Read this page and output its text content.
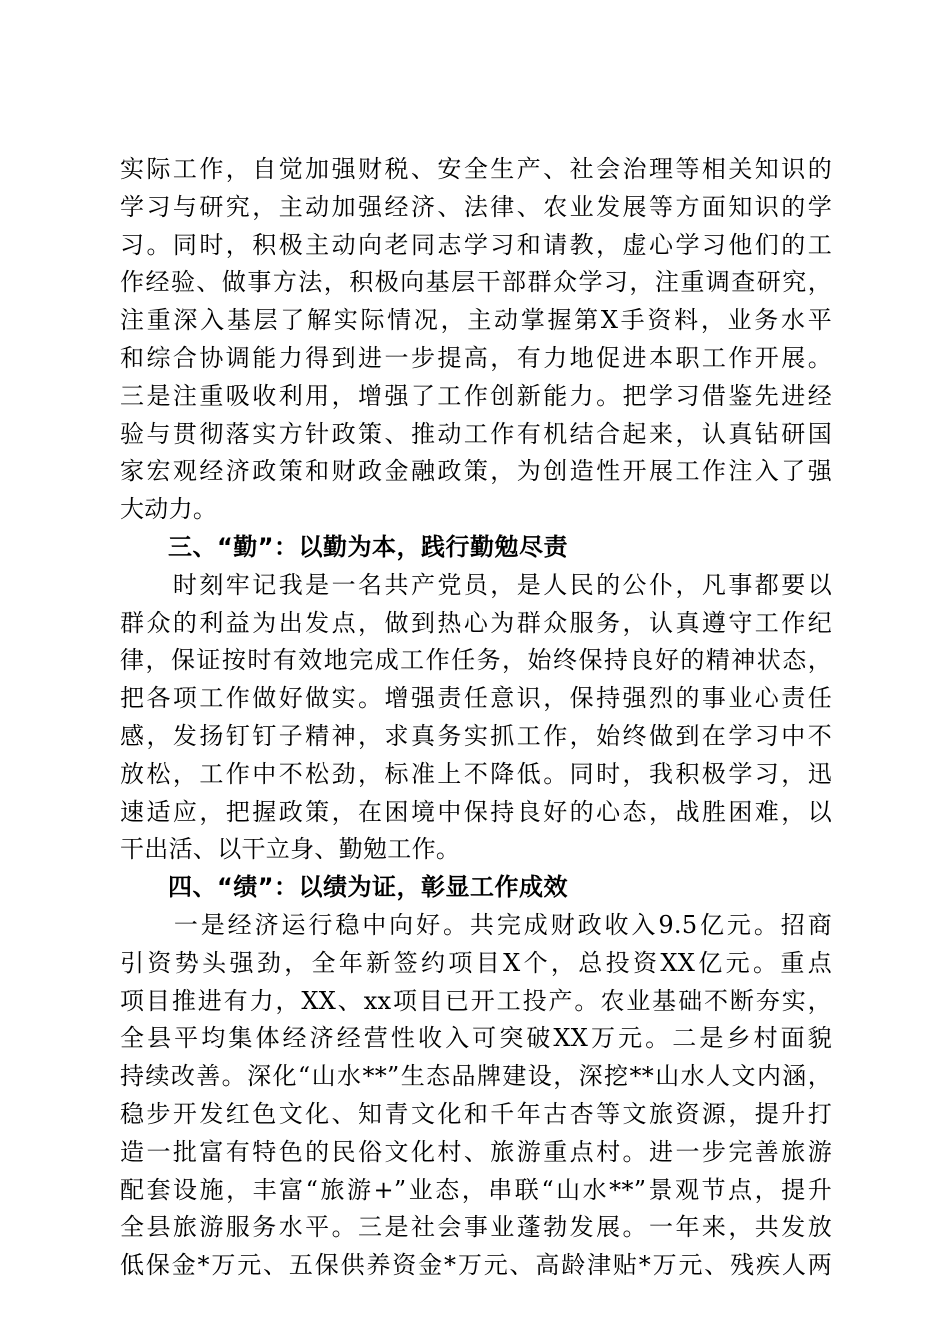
实际工作，自觉加强财税、安全生产、社会治理等相关知识的
学习与研究，主动加强经济、法律、农业发展等方面知识的学
习。同时，积极主动向老同志学习和请教，虚心学习他们的工
作经验、做事方法，积极向基层干部群众学习，注重调查研究，
注重深入基层了解实际情况，主动掌握第X手资料，业务水平
和综合协调能力得到进一步提高，有力地促进本职工作开展。
三是注重吸收利用，增强了工作创新能力。把学习借鉴先进经
验与贯彻落实方针政策、推动工作有机结合起来，认真钻研国
家宏观经济政策和财政金融政策，为创造性开展工作注入了强
大动力。
三、“勤”：以勤为本，践行勤勉尽责
　　时刻牢记我是一名共产党员，是人民的公仆，凡事都要以
群众的利益为出发点，做到热心为群众服务，认真遵守工作纪
律，保证按时有效地完成工作任务，始终保持良好的精神状态，
把各项工作做好做实。增强责任意识，保持强烈的事业心责任
感，发扬钉钉子精神，求真务实抓工作，始终做到在学习中不
放松，工作中不松劲，标准上不降低。同时，我积极学习，迅
速适应，把握政策，在困境中保持良好的心态，战胜困难，以
干出活、以干立身、勤勉工作。
四、“绩”：以绩为证，彰显工作成效
　　一是经济运行稳中向好。共完成财政收入9.5亿元。招商
引资势头强劲，全年新签约项目X个，总投资XX亿元。重点
项目推进有力，XX、xx项目已开工投产。农业基础不断夯实，
全县平均集体经济经营性收入可突破XX万元。二是乡村面貌
持续改善。深化“山水**”生态品牌建设，深挖**山水人文内涵，
稳步开发红色文化、知青文化和千年古杏等文旅资源，提升打
造一批富有特色的民俗文化村、旅游重点村。进一步完善旅游
配套设施，丰富“旅游+”业态，串联“山水**”景观节点，提升
全县旅游服务水平。三是社会事业蓬勃发展。一年来，共发放
低保金*万元、五保供养资金*万元、高龄津贴*万元、残疾人两
